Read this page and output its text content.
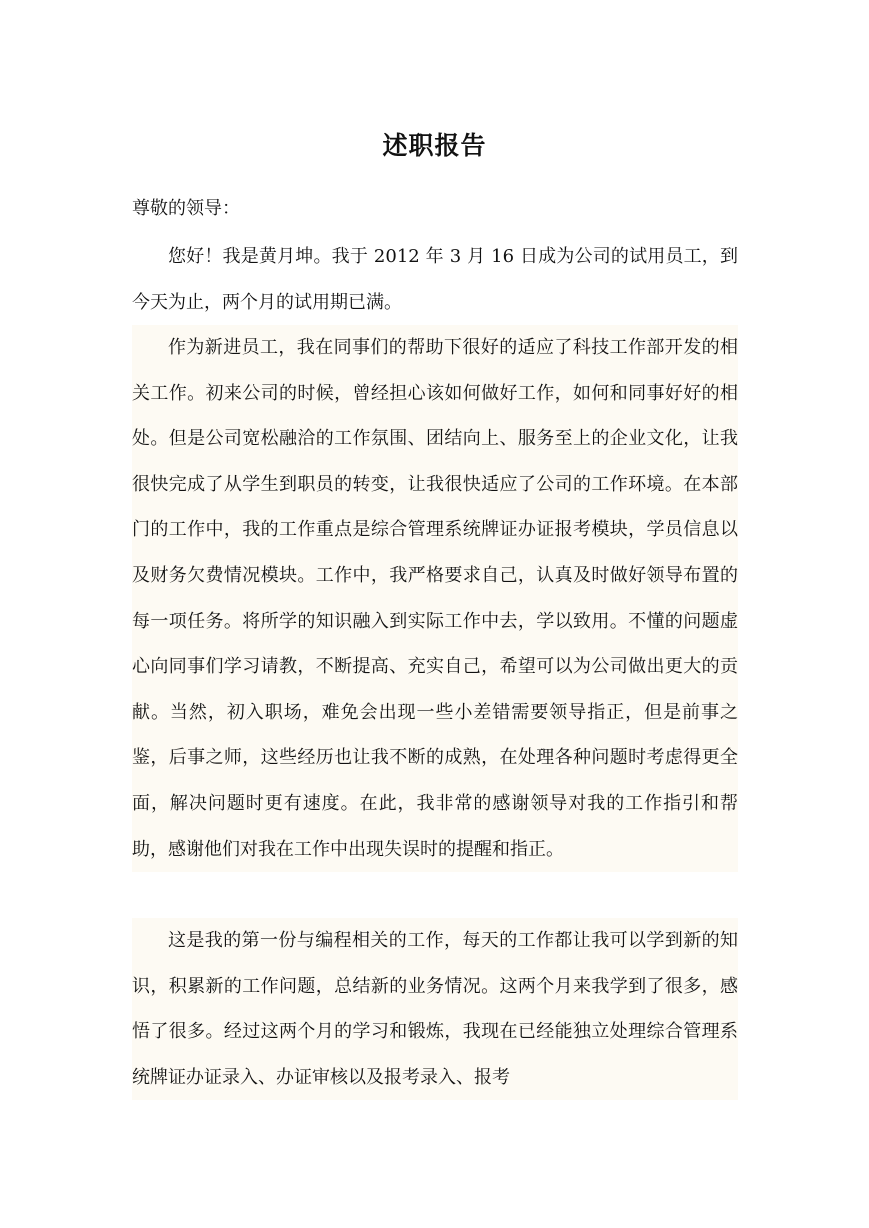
述职报告
尊敬的领导：

您好！我是黄月坤。我于 2012 年 3 月 16 日成为公司的试用员工，到今天为止，两个月的试用期已满。

作为新进员工，我在同事们的帮助下很好的适应了科技工作部开发的相关工作。初来公司的时候，曾经担心该如何做好工作，如何和同事好好的相处。但是公司宽松融洽的工作氛围、团结向上、服务至上的企业文化，让我很快完成了从学生到职员的转变，让我很快适应了公司的工作环境。在本部门的工作中，我的工作重点是综合管理系统牌证办证报考模块，学员信息以及财务欠费情况模块。工作中，我严格要求自己，认真及时做好领导布置的每一项任务。将所学的知识融入到实际工作中去，学以致用。不懂的问题虚心向同事们学习请教，不断提高、充实自己，希望可以为公司做出更大的贡献。当然，初入职场，难免会出现一些小差错需要领导指正，但是前事之鉴，后事之师，这些经历也让我不断的成熟，在处理各种问题时考虑得更全面，解决问题时更有速度。在此，我非常的感谢领导对我的工作指引和帮助，感谢他们对我在工作中出现失误时的提醒和指正。

这是我的第一份与编程相关的工作，每天的工作都让我可以学到新的知识，积累新的工作问题，总结新的业务情况。这两个月来我学到了很多，感悟了很多。经过这两个月的学习和锻炼，我现在已经能独立处理综合管理系统牌证办证录入、办证审核以及报考录入、报考
